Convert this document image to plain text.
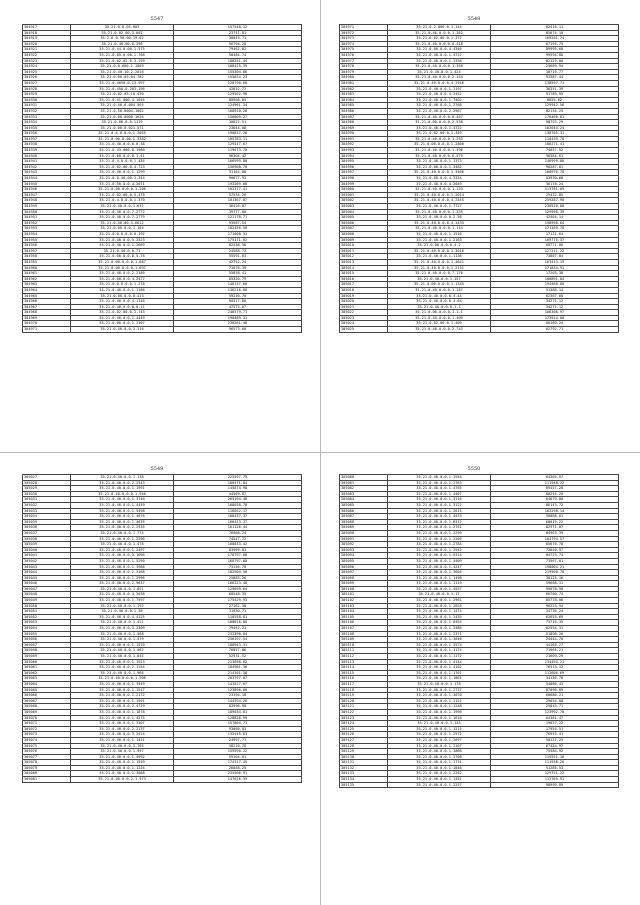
5547
304917	35.21.0.0.05.003	157548.12
304918	35.21.0.02.00.3.002	23751.81
304919	35.2.6.0.50.00.19.02	38043.71
304920	35.21.0.40.00.0.396	56794.28
304921	35.21.0.44.0.00.1.575	79462.82
304922	35.21.0.05.0.00.1.768	58484.74
304923	35.21.0.02.02.0.3.159	108251.44
304924	35.21.0.0.600.1.1089	108425.39
304925	35.21.0.40.10.2.2016	155304.86
304926	35.21.0.00.09.04.782	155034.23
304927	35.21.0.4050.0.13.597	128790.68
304928	35.21.0.450.0.203.196	42852.72
304929	35.21.0.02.03.10.430	129502.98
304930	35.21.0.41.000.4.1045	80968.85
304931	35.21.0.40.0.004.564	124961.34
304932	35.21.0.50.0004.1602	168910.20
304933	35.21.0.00.0000.1626	156809.27
304934	35.21.0.80.0.0.1119	30822.51
304935	35.21.0.00.0.021.571	23644.08
304936	35.21.0.4.0.0.0.1.2055	190837.28
304937	35.21.0.00.0.00.1.3382	105783.11
304938	35.21.0.40.0.0.0.0.58	129517.67
304939	35.21.0.43.000.0.1980	119673.70
304940	35.21.0.00.0.0.0.1.41	96304.42
304941	35.21.0.4.0.0.0.1.434	166999.80
304942	35.21.0.02.00.0.4.723	156908.78
304943	35.21.0.40.0.0.1.1299	31164.88
304944	35.21.0.0.40.00.1.354	90677.93
304945	35.21.0.50.0.0.4.2071	193269.68
304946	35.21.0.00.0.0.0.1.206	102377.41
304947	35.21.0.02.00.0.5.478	57534.26
304948	35.21.0.4.0.0.0.1.370	101367.07
304949	35.21.0.40.0.0.1.632	36426.07
304950	35.21.0.40.0.0.7.2772	39777.80
304951	35.21.0.40.0.0.7.2779	121178.71
304952	35.21.0.40.00.4.6612	93587.54
304953	35.21.0.00.0.0.1.104	182456.58
304954	35.21.0.0.0.0.0.0.192	171008.51
304955	35.21.0.40.0.0.5.2523	175171.62
304956	35.21.0.40.0.0.1.2669	82538.56
304957	35.21.0.40.0.0.71	24588.72
304958	35.21.0.00.0.0.0.5.76	55591.63
304959	35.21.0.00.0.0.0.1.087	42752.24
304960	35.21.0.00.0.0.0.1.697	71076.39
304961	35.21.0.40.0.0.2.2186	55858.41
304962	35.21.0.00.0.0.4.2477	85320.79
304963	35.21.0.0.0.0.0.1.278	148137.60
304964	35.21.0.40.0.0.1.1186	136216.00
304965	35.21.0.00.0.0.0.413	59240.70
304966	35.21.0.40.0.0.4.1146	90317.86
304967	35.21.0.40.0.0.0.0.11	47575.07
304968	35.21.0.02.00.0.3.743	246579.71
304969	35.21.0.40.0.0.1.4449	190489.31
304970	35.21.0.00.0.0.1.2107	238261.48
304971	35.21.0.40.0.0.3.316	96573.60
5548
304971	35.21.0.2.000.0.1.144	62416.11
304972	35.21.0.40.0.0.0.1.362	85674.10
304973	35.21.0.02.00.0.1.372	169281.74
304974	35.21.0.40.0.0.0.0.418	67195.75
304975	35.21.0.00.0.0.4.4346	89995.60
304976	35.21.0.40.0.0.1.4722	99594.80
304977	35.21.0.40.0.0.1.1336	82129.00
304978	35.21.0.40.0.0.0.1.356	25689.94
304979	35.21.0.40.0.0.1.424	38719.77
304980	35.21.0.40.0.0.0.2.154	93587.44
304981	35.21.0.40.0.0.0.4.2946	138597.71
304982	35.21.0.40.0.0.1.1197	38351.39
304983	35.21.0.40.0.0.4.2452	91789.95
304984	35.21.0.40.0.0.1.7402	8855.62
304985	35.21.0.40.0.0.1.2768	129942.56
304986	35.21.0.40.0.0.2.2967	82134.25
304987	35.21.0.40.0.0.0.0.467	176466.61
304988	35.21.0.00.0.0.0.2.538	98753.29
304989	35.21.0.40.0.0.1.4722	162044.24
304990	35.21.0.02.00.0.1.449	138705.31
304991	35.21.0.40.0.0.0.1.293	110439.76
304992	35.21.0.00.0.0.0.1.2806	186271.41
304993	35.21.0.40.0.0.0.1.396	74857.52
304994	35.21.0.40.0.0.0.6.575	58384.61
304995	35.21.0.40.0.0.1.1373	146999.80
304996	35.21.0.00.0.0.1.3482	98287.81
304997	35.21.0.40.0.0.0.1.3466	160976.78
304998	35.21.0.00.0.0.4.3334	53930.68
304999	35.21.0.40.0.0.4.2049	36178.24
305000	35.21.0.40.0.0.0.1.133	113781.09
305001	35.21.0.40.0.0.0.1.2014	25432.85
305002	35.21.0.40.0.0.0.4.2545	259287.90
305003	35.21.0.40.0.0.1.7727	230520.80
305004	35.21.0.40.0.0.0.1.335	129998.39
305005	35.21.0.40.0.0.0.2.56	42464.14
305006	35.21.0.40.0.0.0.4.1435	158998.64
305007	35.21.0.40.0.0.0.1.144	171169.78
305008	35.21.0.40.0.0.1.1516	17131.64
305009	35.21.0.40.0.0.1.2163	169775.37
305010	35.21.0.00.0.0.0.4.2	69771.86
305011	35.21.0.40.0.0.0.1.3016	127111.22
305012	35.21.0.40.0.0.1.1136	73807.04
305013	35.21.0.40.0.0.0.1.4641	163413.19
305014	35.21.0.40.0.0.0.1.2131	171834.91
305015	35.21.0.40.0.0.0.7.176	17203.38
305016	35.21.0.40.0.0.1.157	100891.04
305017	35.21.0.00.0.0.0.1.1345	194468.60
305018	35.21.0.40.0.0.0.1.187	51388.14
305019	35.21.0.40.0.0.0.4.44	62367.60
305020	35.21.0.40.0.0.0.4.64	34271.12
305021	35.21.0.40.0.0.0.1.1	34271.12
305022	35.21.0.00.0.0.0.1.1.1	106306.97
305023	35.21.0.40.0.0.0.1.409	173914.00
305024	35.21.0.02.00.0.1.409	80160.24
305025	35.21.0.40.0.0.0.2.743	62792.71
5549
305027	35.21.0.40.0.0.1.138	225597.79
305028	35.21.0.40.0.0.2.2543	108571.04
305029	35.21.0.40.0.0.1.1991	145874.98
305030	35.21.0.40.0.0.0.1.946	44569.87
305031	35.21.0.40.0.0.1.3740	265194.48
305032	35.21.0.40.0.0.1.4459	168038.78
305033	35.21.0.40.0.0.1.5498	116052.17
305034	35.21.0.40.0.0.1.4676	168437.37
305035	35.21.0.40.0.0.1.4635	166413.37
305036	35.21.0.40.0.0.2.2935	161126.44
305037	35.21.0.40.0.0.1.774	76968.24
305038	35.21.0.40.0.0.1.2596	74547.72
305039	35.21.0.40.0.0.1.478	108033.42
305040	35.21.0.40.0.0.1.2497	83969.81
305041	35.21.0.40.0.0.3.1096	178797.08
305042	35.21.0.40.0.0.1.5290	168797.08
305043	35.21.0.40.0.0.1.3986	73156.70
305044	35.21.0.40.0.0.2.2188	182504.58
305045	35.21.0.40.0.0.1.2996	25883.26
305046	35.21.0.40.0.0.2.9637	166223.48
305047	35.21.0.40.0.0.1.851	129699.64
305048	35.21.0.40.0.0.4.2038	68548.35
305049	35.21.0.40.0.0.1.7597	175429.93
305050	35.21.0.40.0.0.1.192	27162.38
305051	35.21.0.40.0.0.1.38	31930.71
305052	35.21.0.40.0.0.4.4125	118558.81
305053	35.21.0.40.0.0.1.421	108816.08
305054	35.21.0.40.0.0.3.2309	79452.21
305055	35.21.0.40.0.0.1.568	232390.04
305056	35.21.0.40.0.0.1.579	256197.54
305057	35.21.0.40.0.0.1.1570	108943.31
305058	35.21.0.40.0.0.1.562	76857.86
305059	35.21.0.40.0.0.1.644	52931.52
305060	35.21.0.40.0.0.1.1923	213898.62
305061	35.21.0.40.0.0.2.1154	184981.36
305062	35.21.0.40.0.0.1.966	214101.58
305063	35.21.0.40.0.0.0.1.906	203797.07
305064	35.21.0.40.0.0.1.3549	143527.67
305065	35.21.0.40.0.0.1.1517	123896.00
305066	35.21.0.40.0.0.1.2172	23194.18
305067	35.21.0.40.0.0.1.1591	144394.26
305068	35.21.0.40.0.0.2.4729	83996.98
305069	35.21.0.40.0.0.1.1878	189034.81
305070	35.21.0.40.0.0.1.4275	128826.99
305071	35.21.0.40.0.0.1.2107	157804.71
305072	35.21.0.40.0.0.2.2137	93060.83
305073	35.21.0.40.0.0.3.2414	132445.63
305074	35.21.0.40.0.0.1.1451	24997.71
305075	35.21.0.40.0.0.3.705	58210.70
305076	35.21.0.40.0.0.1.997	159590.22
305077	35.21.0.40.0.0.1.4992	59104.01
305078	35.21.0.40.0.0.1.1559	174317.45
305079	35.21.0.40.0.0.1.1224	26048.25
305080	35.21.0.40.0.0.1.3088	235566.91
305081	35.21.0.40.0.0.2.1.973	147626.35
5550
305080	35.21.0.40.0.0.1.1944	84365.97
305081	35.21.0.40.0.0.1.2763	111948.22
305082	35.21.0.40.0.0.1.4765	89457.28
305083	35.21.0.40.0.0.1.4407	80254.20
305084	35.21.0.40.0.0.1.3116	64679.80
305085	35.21.0.40.0.0.1.3122	86143.72
305086	35.21.0.40.0.0.1.2615	162298.14
305087	35.21.0.40.0.0.1.4433	58088.01
305088	35.21.0.40.0.0.1.6312	68019.22
305089	35.21.0.40.0.0.1.2761	82971.87
305090	35.21.0.40.0.0.1.2299	84963.39
305091	35.21.0.40.0.0.1.2209	104794.57
305092	35.21.0.40.0.0.1.2784	65676.70
305093	35.21.0.40.0.0.1.2542	72850.97
305094	35.21.0.40.0.0.1.5314	84723.74
305095	35.21.0.40.0.0.1.4409	73567.01
305096	35.21.0.40.0.0.1.4247	198004.21
305097	35.21.0.40.0.0.1.3604	219500.70
305098	35.21.0.40.0.0.1.1498	38125.16
305099	35.21.0.40.0.0.1.1119	59668.31
305100	35.21.0.40.0.0.1.4557	99078.98
305101	35.21.0.40.0.0.1.17	66760.74
305102	35.21.0.40.0.0.1.2961	85778.06
305103	35.21.0.40.0.0.1.2025	96223.94
305104	35.21.0.40.0.0.1.1474	34736.24
305105	35.21.0.40.0.0.1.2435	62655.69
305106	35.21.0.40.0.0.1.8454	73716.35
305107	35.21.0.40.0.0.1.3486	62554.31
305108	35.21.0.40.0.0.1.2371	51898.26
305109	35.21.0.40.0.0.1.1046	24444.70
305110	35.21.0.40.0.0.1.3574	44165.27
305111	35.21.0.40.0.0.1.1174	71965.21
305112	35.21.0.40.0.0.1.1172	21609.29
305113	35.21.0.40.0.0.1.4144	134494.21
305114	35.21.0.40.0.0.1.4102	76513.12
305115	35.21.0.40.0.0.1.1761	112606.69
305116	35.21.0.40.0.0.1.1861	34136.78
305117	35.21.0.40.0.0.1.178	54080.43
305118	35.21.0.40.0.0.1.2737	87096.89
305119	35.21.0.40.0.0.1.1070	60680.21
305120	35.21.0.40.0.0.1.1151	29654.88
305121	35.21.0.40.0.0.1.1248	25843.71
305122	35.21.0.40.0.0.1.1996	123992.70
305123	35.21.0.40.0.0.1.1618	64181.47
305124	35.21.0.40.0.0.1.145	19837.22
305125	35.21.0.40.0.0.1.1215	17955.51
305126	35.21.0.40.0.0.1.2572	76953.41
305127	35.21.0.40.0.0.1.2697	50137.25
305128	35.21.0.40.0.0.1.2167	67424.97
305129	35.21.0.40.0.0.1.1868	75584.92
305130	35.21.0.40.0.0.1.3708	119551.16
305131	35.21.0.40.0.0.1.1731	111938.26
305132	35.21.0.40.0.0.1.1046	51285.53
305133	35.21.0.40.0.0.1.2262	129751.22
305134	35.21.0.40.0.0.1.1451	113765.91
305135	35.21.0.40.0.0.1.2257	98999.89
